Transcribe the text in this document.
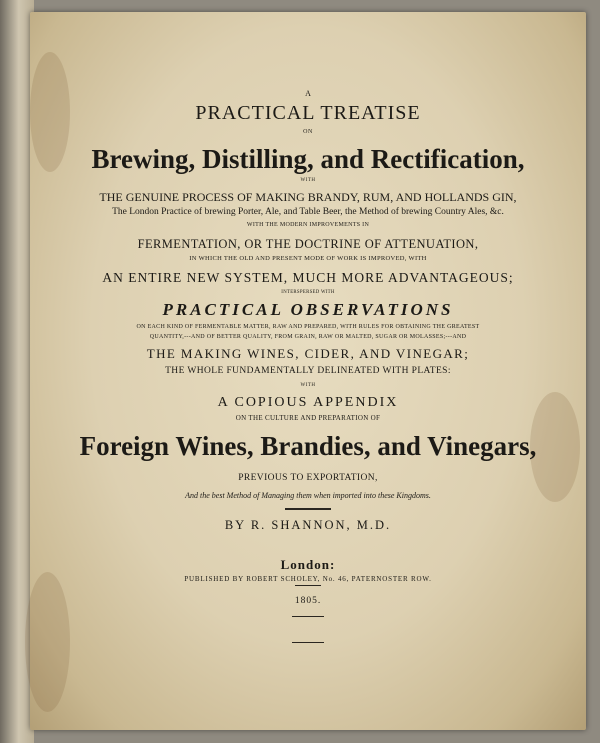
A
PRACTICAL TREATISE
ON
Brewing, Distilling, and Rectification,
WITH
THE GENUINE PROCESS OF MAKING BRANDY, RUM, AND HOLLANDS GIN,
The London Practice of brewing Porter, Ale, and Table Beer, the Method of brewing Country Ales, &c.
WITH THE MODERN IMPROVEMENTS IN
FERMENTATION, OR THE DOCTRINE OF ATTENUATION,
IN WHICH THE OLD AND PRESENT MODE OF WORK IS IMPROVED, WITH
AN ENTIRE NEW SYSTEM, MUCH MORE ADVANTAGEOUS;
INTERSPERSED WITH
PRACTICAL OBSERVATIONS
ON EACH KIND OF FERMENTABLE MATTER, RAW AND PREPARED, WITH RULES FOR OBTAINING THE GREATEST
QUANTITY,---AND OF BETTER QUALITY, FROM GRAIN, RAW OR MALTED, SUGAR OR MOLASSES;---AND
THE MAKING WINES, CIDER, AND VINEGAR;
THE WHOLE FUNDAMENTALLY DELINEATED WITH PLATES:
WITH
A COPIOUS APPENDIX
ON THE CULTURE AND PREPARATION OF
Foreign Wines, Brandies, and Vinegars,
PREVIOUS TO EXPORTATION,
And the best Method of Managing them when imported into these Kingdoms.
BY R. SHANNON, M.D.
London:
PUBLISHED BY ROBERT SCHOLEY, No. 46, PATERNOSTER ROW.
1805.
